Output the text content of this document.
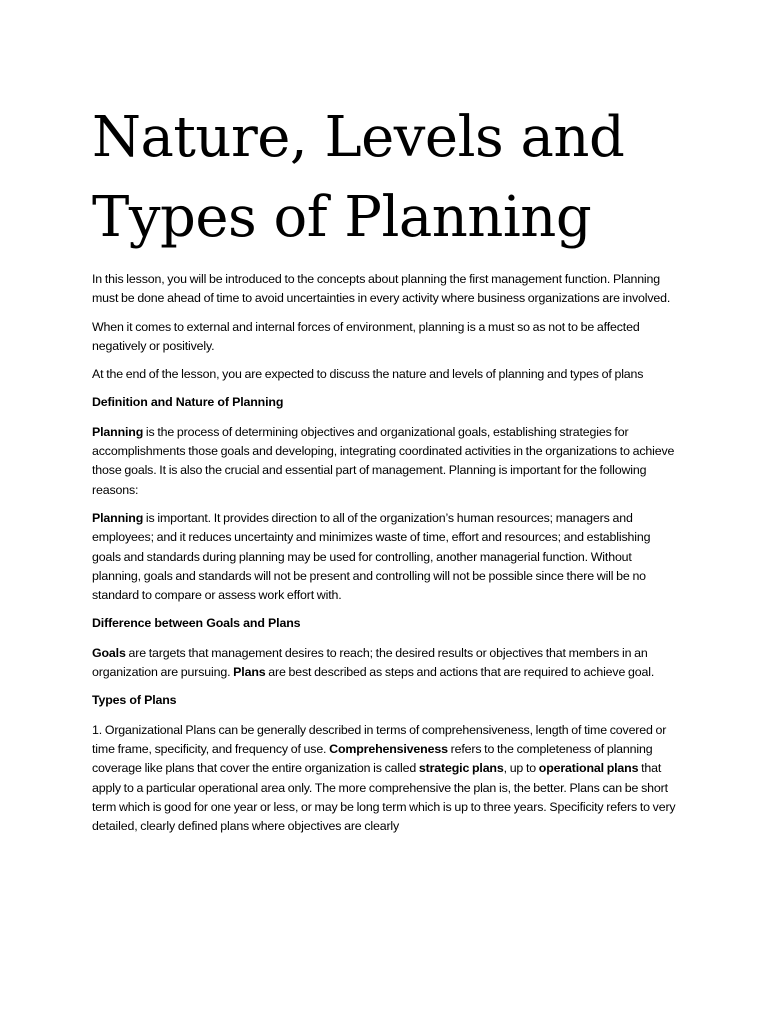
Nature, Levels and
Types of Planning

In this lesson, you will be introduced to the concepts about planning the first management function. Planning must be done ahead of time to avoid uncertainties in every activity where business organizations are involved.

When it comes to external and internal forces of environment, planning is a must so as not to be affected negatively or positively.

At the end of the lesson, you are expected to discuss the nature and levels of planning and types of plans

Definition and Nature of Planning

Planning is the process of determining objectives and organizational goals, establishing strategies for accomplishments those goals and developing, integrating coordinated activities in the organizations to achieve those goals. It is also the crucial and essential part of management. Planning is important for the following reasons:

Planning is important. It provides direction to all of the organization’s human resources; managers and employees; and it reduces uncertainty and minimizes waste of time, effort and resources; and establishing goals and standards during planning may be used for controlling, another managerial function. Without planning, goals and standards will not be present and controlling will not be possible since there will be no standard to compare or assess work effort with.

Difference between Goals and Plans

Goals are targets that management desires to reach; the desired results or objectives that members in an organization are pursuing. Plans are best described as steps and actions that are required to achieve goal.

Types of Plans

1. Organizational Plans can be generally described in terms of comprehensiveness, length of time covered or time frame, specificity, and frequency of use. Comprehensiveness refers to the completeness of planning coverage like plans that cover the entire organization is called strategic plans, up to operational plans that apply to a particular operational area only. The more comprehensive the plan is, the better. Plans can be short term which is good for one year or less, or may be long term which is up to three years. Specificity refers to very detailed, clearly defined plans where objectives are clearly
